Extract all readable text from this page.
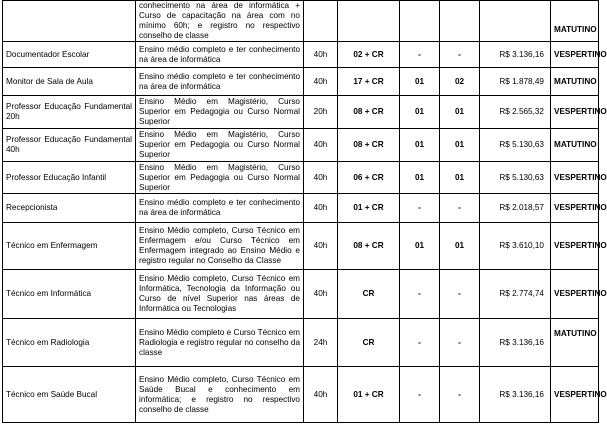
	conhecimento na área de informática + Curso de capacitação na área com no mínimo 60h; e registro no respectivo conselho de classe						MATUTINO
Documentador Escolar	Ensino médio completo e ter conhecimento na área de informática	40h	02 + CR	-	-	R$ 3.136,16	VESPERTINO
Monitor de Sala de Aula	Ensino médio completo e ter conhecimento na área de informática	40h	17 + CR	01	02	R$ 1.878,49	MATUTINO
Professor Educação Fundamental 20h	Ensino Médio em Magistério, Curso Superior em Pedagogia ou Curso Normal Superior	20h	08 + CR	01	01	R$ 2.565,32	VESPERTINO
Professor Educação Fundamental 40h	Ensino Médio em Magistério, Curso Superior em Pedagogia ou Curso Normal Superior	40h	08 + CR	01	01	R$ 5.130,63	MATUTINO
Professor Educação Infantil	Ensino Médio em Magistério, Curso Superior em Pedagogia ou Curso Normal Superior	40h	06 + CR	01	01	R$ 5.130,63	VESPERTINO
Recepcionista	Ensino médio completo e ter conhecimento na área de informática	40h	01 + CR	-	-	R$ 2.018,57	VESPERTINO
Técnico em Enfermagem	Ensino Médio completo, Curso Técnico em Enfermagem e/ou Curso Técnico em Enfermagem integrado ao Ensino Médio e registro regular no Conselho da Classe	40h	08 + CR	01	01	R$ 3.610,10	VESPERTINO
Técnico em Informática	Ensino Médio completo, Curso Técnico em Informática, Tecnologia da Informação ou Curso de nível Superior nas áreas de Informática ou Tecnologias	40h	CR	-	-	R$ 2.774,74	VESPERTINO
Técnico em Radiologia	Ensino Médio completo e Curso Técnico em Radiologia e registro regular no conselho da classe	24h	CR	-	-	R$ 3.136,16	MATUTINO
Técnico em Saúde Bucal	Ensino Médio completo, Curso Técnico em Saúde Bucal e conhecimento em informática; e registro no respectivo conselho de classe	40h	01 + CR	-	-	R$ 3.136,16	VESPERTINO
